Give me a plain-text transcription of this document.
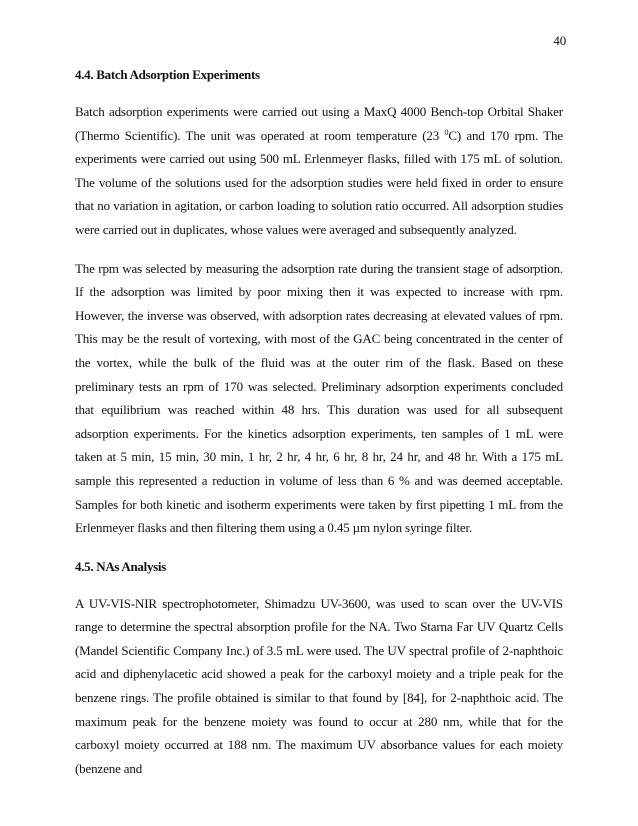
40
4.4. Batch Adsorption Experiments

Batch adsorption experiments were carried out using a MaxQ 4000 Bench-top Orbital Shaker (Thermo Scientific). The unit was operated at room temperature (23 $^0$C) and 170 rpm. The experiments were carried out using 500 mL Erlenmeyer flasks, filled with 175 mL of solution. The volume of the solutions used for the adsorption studies were held fixed in order to ensure that no variation in agitation, or carbon loading to solution ratio occurred. All adsorption studies were carried out in duplicates, whose values were averaged and subsequently analyzed.

The rpm was selected by measuring the adsorption rate during the transient stage of adsorption. If the adsorption was limited by poor mixing then it was expected to increase with rpm. However, the inverse was observed, with adsorption rates decreasing at elevated values of rpm. This may be the result of vortexing, with most of the GAC being concentrated in the center of the vortex, while the bulk of the fluid was at the outer rim of the flask. Based on these preliminary tests an rpm of 170 was selected. Preliminary adsorption experiments concluded that equilibrium was reached within 48 hrs. This duration was used for all subsequent adsorption experiments. For the kinetics adsorption experiments, ten samples of 1 mL were taken at 5 min, 15 min, 30 min, 1 hr, 2 hr, 4 hr, 6 hr, 8 hr, 24 hr, and 48 hr. With a 175 mL sample this represented a reduction in volume of less than 6 % and was deemed acceptable. Samples for both kinetic and isotherm experiments were taken by first pipetting 1 mL from the Erlenmeyer flasks and then filtering them using a 0.45 µm nylon syringe filter.

4.5. NAs Analysis

A UV-VIS-NIR spectrophotometer, Shimadzu UV-3600, was used to scan over the UV-VIS range to determine the spectral absorption profile for the NA. Two Starna Far UV Quartz Cells (Mandel Scientific Company Inc.) of 3.5 mL were used. The UV spectral profile of 2-naphthoic acid and diphenylacetic acid showed a peak for the carboxyl moiety and a triple peak for the benzene rings. The profile obtained is similar to that found by [84], for 2-naphthoic acid. The maximum peak for the benzene moiety was found to occur at 280 nm, while that for the carboxyl moiety occurred at 188 nm. The maximum UV absorbance values for each moiety (benzene and
